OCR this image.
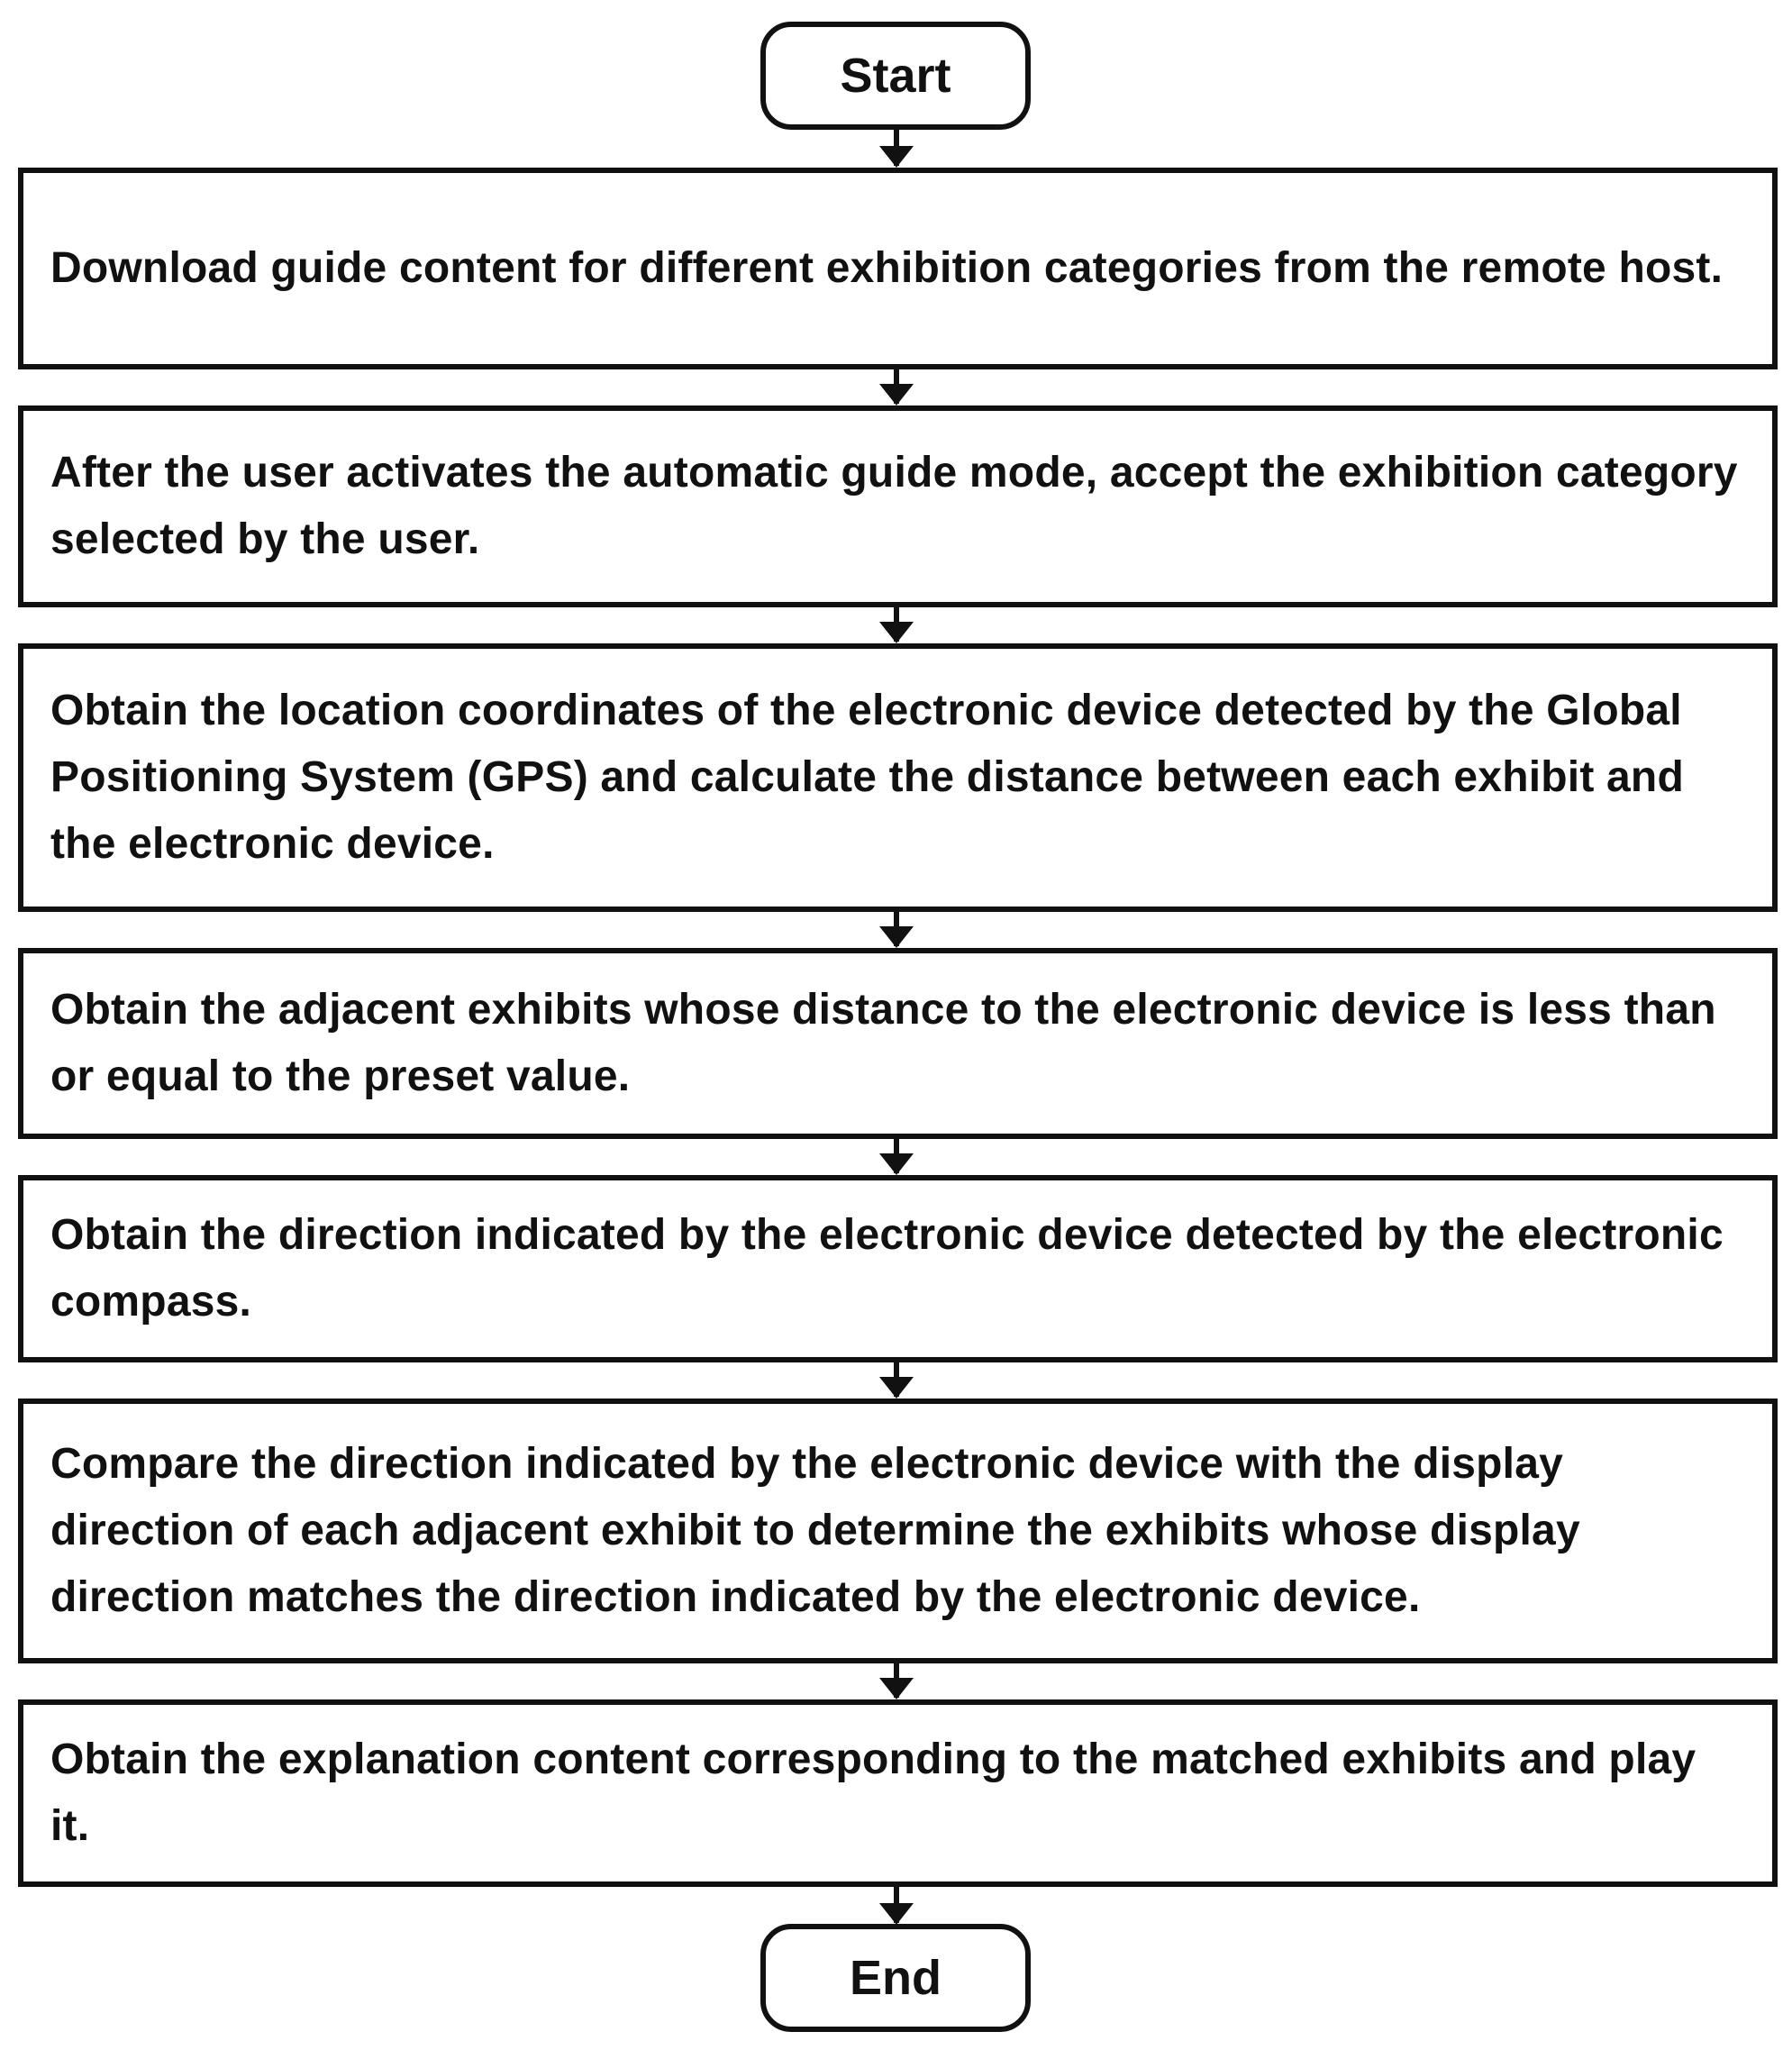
Start
Download guide content for different exhibition categories from the remote host.
After the user activates the automatic guide mode, accept the exhibition category selected by the user.
Obtain the location coordinates of the electronic device detected by the Global Positioning System (GPS) and calculate the distance between each exhibit and the electronic device.
Obtain the adjacent exhibits whose distance to the electronic device is less than or equal to the preset value.
Obtain the direction indicated by the electronic device detected by the electronic compass.
Compare the direction indicated by the electronic device with the display direction of each adjacent exhibit to determine the exhibits whose display direction matches the direction indicated by the electronic device.
Obtain the explanation content corresponding to the matched exhibits and play it.
End
